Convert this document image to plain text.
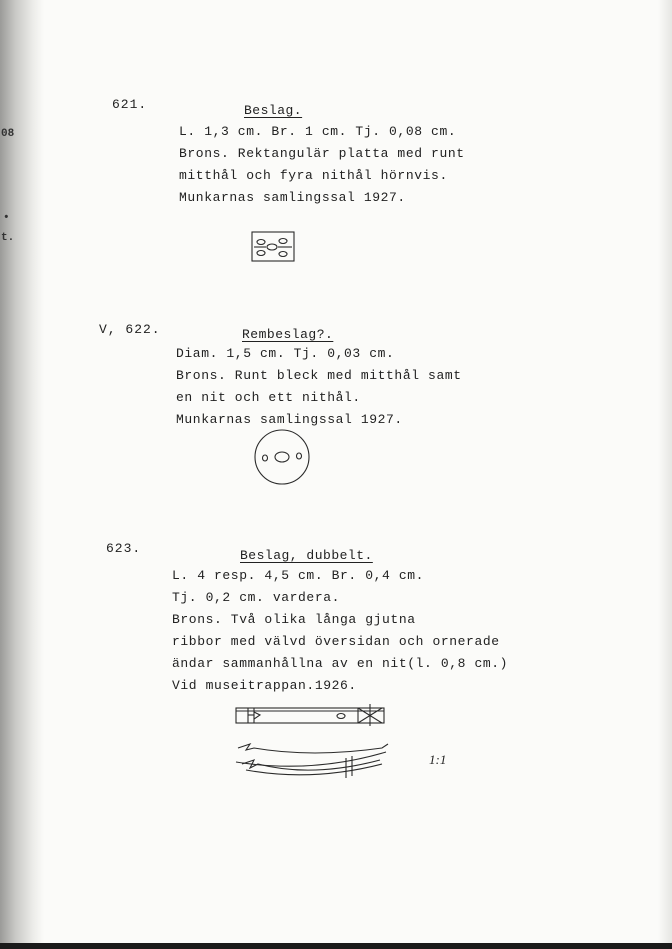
08
•
t.
621.	Beslag.
L. 1,3 cm. Br. 1 cm. Tj. 0,08 cm.
Brons. Rektangulär platta med runt
mitthål och fyra nithål hörnvis.
Munkarnas samlingssal 1927.
V, 622.	Rembeslag?.
Diam. 1,5 cm. Tj. 0,03 cm.
Brons. Runt bleck med mitthål samt
en nit och ett nithål.
Munkarnas samlingssal 1927.
623.	Beslag, dubbelt.
L. 4 resp. 4,5 cm. Br. 0,4 cm.
Tj. 0,2 cm. vardera.
Brons. Två olika långa gjutna
ribbor med välvd översidan och ornerade
ändar sammanhållna av en nit(l. 0,8 cm.)
Vid museitrappan.1926.
1:1
